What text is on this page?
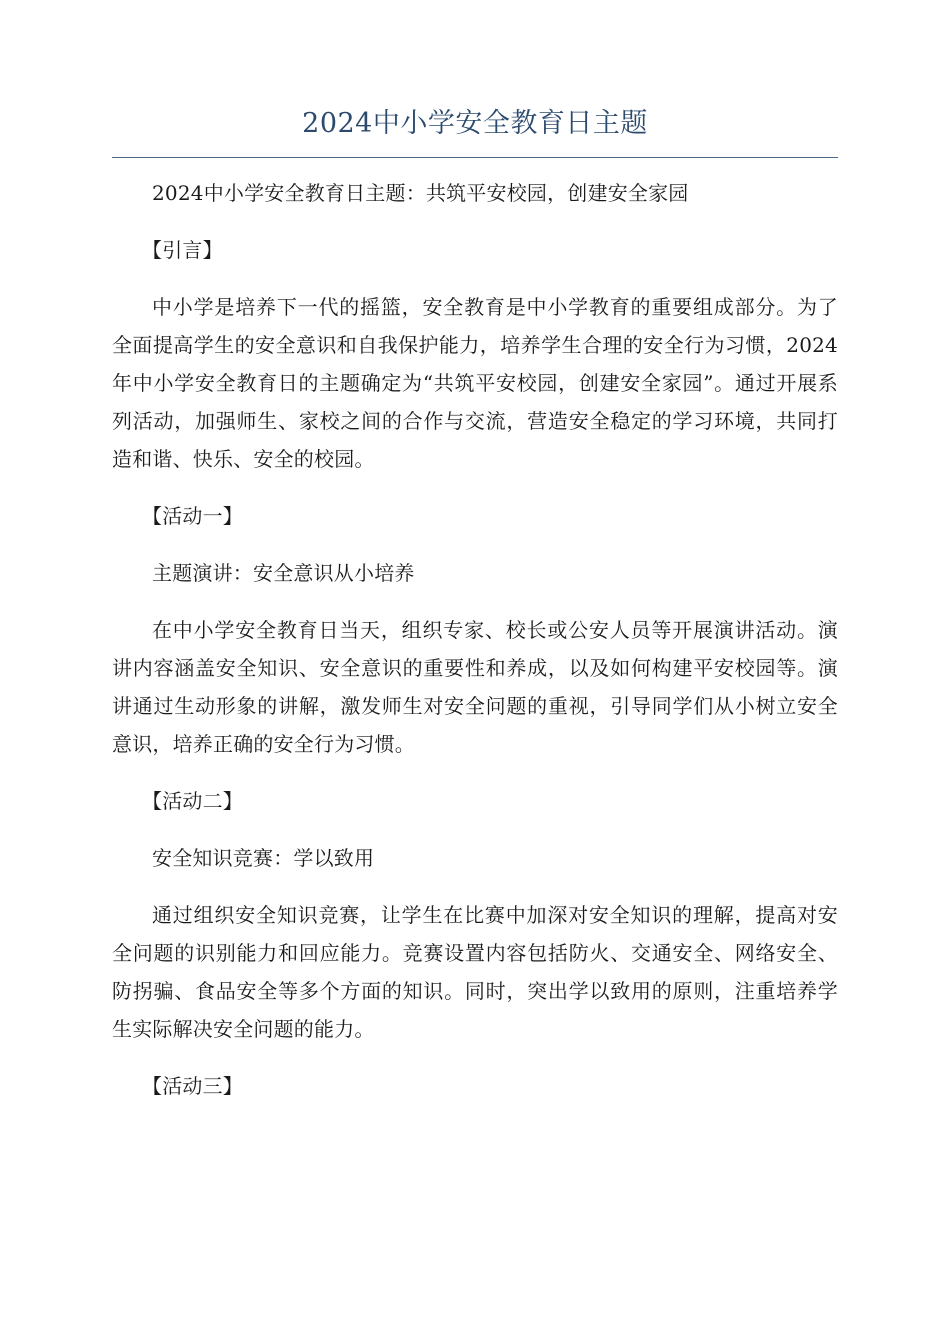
2024中小学安全教育日主题

2024中小学安全教育日主题：共筑平安校园，创建安全家园

【引言】

中小学是培养下一代的摇篮，安全教育是中小学教育的重要组成部分。为了全面提高学生的安全意识和自我保护能力，培养学生合理的安全行为习惯，2024年中小学安全教育日的主题确定为“共筑平安校园，创建安全家园”。通过开展系列活动，加强师生、家校之间的合作与交流，营造安全稳定的学习环境，共同打造和谐、快乐、安全的校园。

【活动一】

主题演讲：安全意识从小培养

在中小学安全教育日当天，组织专家、校长或公安人员等开展演讲活动。演讲内容涵盖安全知识、安全意识的重要性和养成，以及如何构建平安校园等。演讲通过生动形象的讲解，激发师生对安全问题的重视，引导同学们从小树立安全意识，培养正确的安全行为习惯。

【活动二】

安全知识竞赛：学以致用

通过组织安全知识竞赛，让学生在比赛中加深对安全知识的理解，提高对安全问题的识别能力和回应能力。竞赛设置内容包括防火、交通安全、网络安全、防拐骗、食品安全等多个方面的知识。同时，突出学以致用的原则，注重培养学生实际解决安全问题的能力。

【活动三】
